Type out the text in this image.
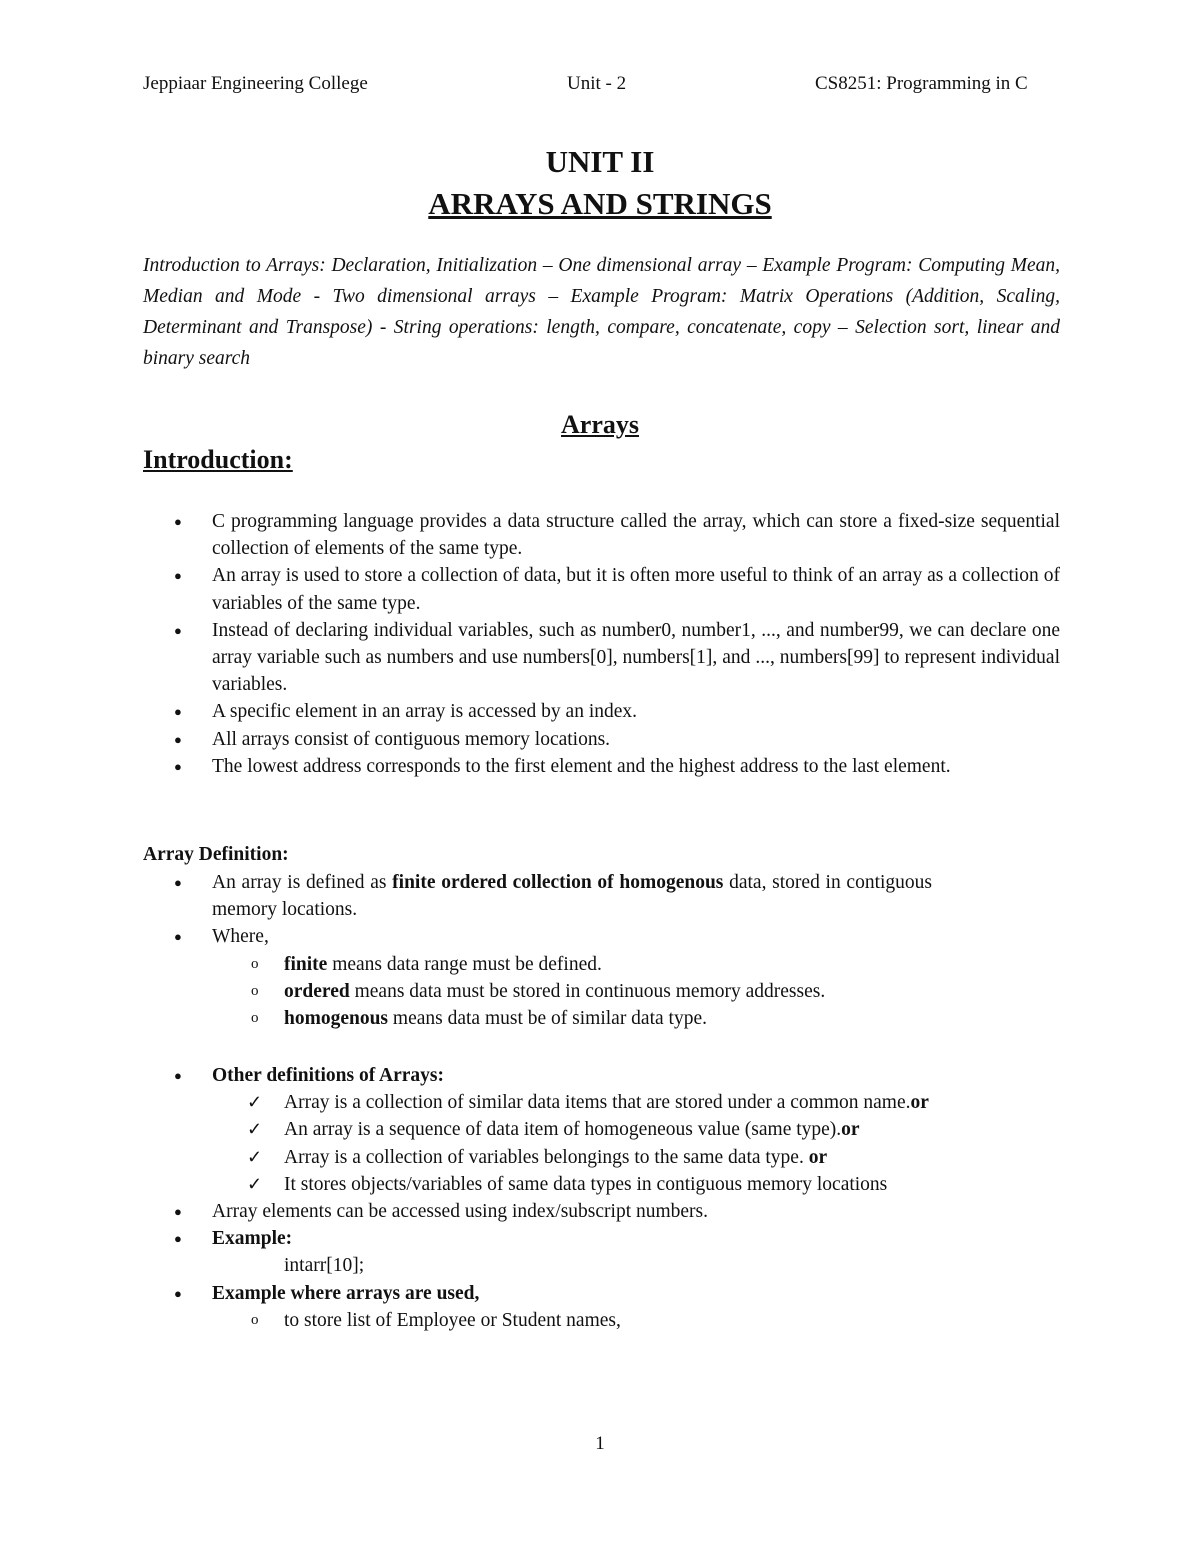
Jeppiaar Engineering College	Unit - 2	CS8251: Programming in C
UNIT II
ARRAYS AND STRINGS
Introduction to Arrays: Declaration, Initialization – One dimensional array – Example Program: Computing Mean, Median and Mode - Two dimensional arrays – Example Program: Matrix Operations (Addition, Scaling, Determinant and Transpose) - String operations: length, compare, concatenate, copy – Selection sort, linear and binary search
Arrays
Introduction:
● C programming language provides a data structure called the array, which can store a fixed-size sequential collection of elements of the same type.
● An array is used to store a collection of data, but it is often more useful to think of an array as a collection of variables of the same type.
● Instead of declaring individual variables, such as number0, number1, ..., and number99, we can declare one array variable such as numbers and use numbers[0], numbers[1], and ..., numbers[99] to represent individual variables.
● A specific element in an array is accessed by an index.
● All arrays consist of contiguous memory locations.
● The lowest address corresponds to the first element and the highest address to the last element.
Array Definition:
● An array is defined as finite ordered collection of homogenous data, stored in contiguous memory locations.
● Where,
o finite means data range must be defined.
o ordered means data must be stored in continuous memory addresses.
o homogenous means data must be of similar data type.
● Other definitions of Arrays:
✓ Array is a collection of similar data items that are stored under a common name.or
✓ An array is a sequence of data item of homogeneous value (same type).or
✓ Array is a collection of variables belongings to the same data type. or
✓ It stores objects/variables of same data types in contiguous memory locations
● Array elements can be accessed using index/subscript numbers.
● Example:
intarr[10];
● Example where arrays are used,
o to store list of Employee or Student names,
1
